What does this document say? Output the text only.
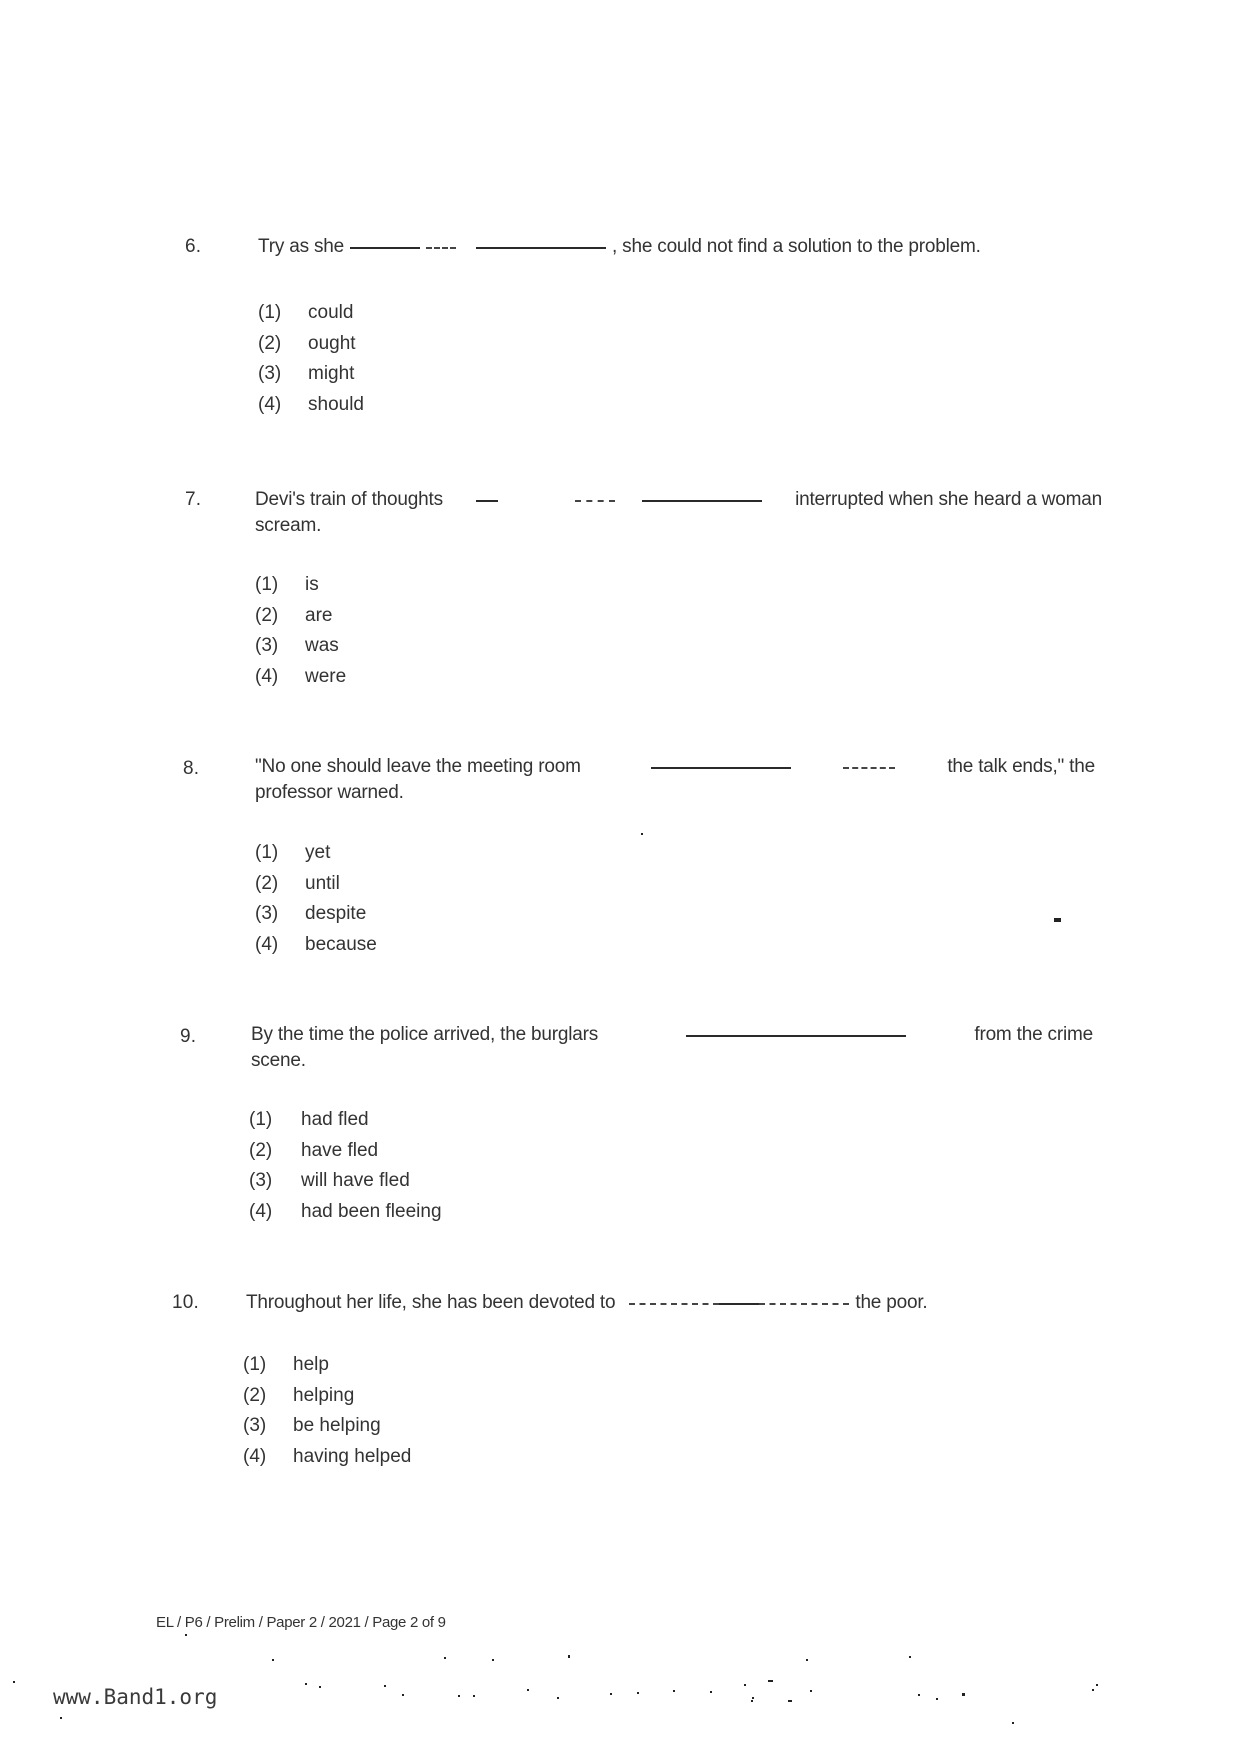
6.	Try as she	, she could not find a solution to the problem.
(1)	could
(2)	ought
(3)	might
(4)	should
7.	Devi's train of thoughts	interrupted when she heard a woman
scream.
(1)	is
(2)	are
(3)	was
(4)	were
8.	"No one should leave the meeting room	the talk ends," the
professor warned.
(1)	yet
(2)	until
(3)	despite
(4)	because
9.	By the time the police arrived, the burglars	from the crime
scene.
(1)	had fled
(2)	have fled
(3)	will have fled
(4)	had been fleeing
10. Throughout her life, she has been devoted to	the poor.
(1)	help
(2)	helping
(3)	be helping
(4)	having helped
EL / P6 / Prelim / Paper 2 / 2021 / Page 2 of 9
www.Band1.org
